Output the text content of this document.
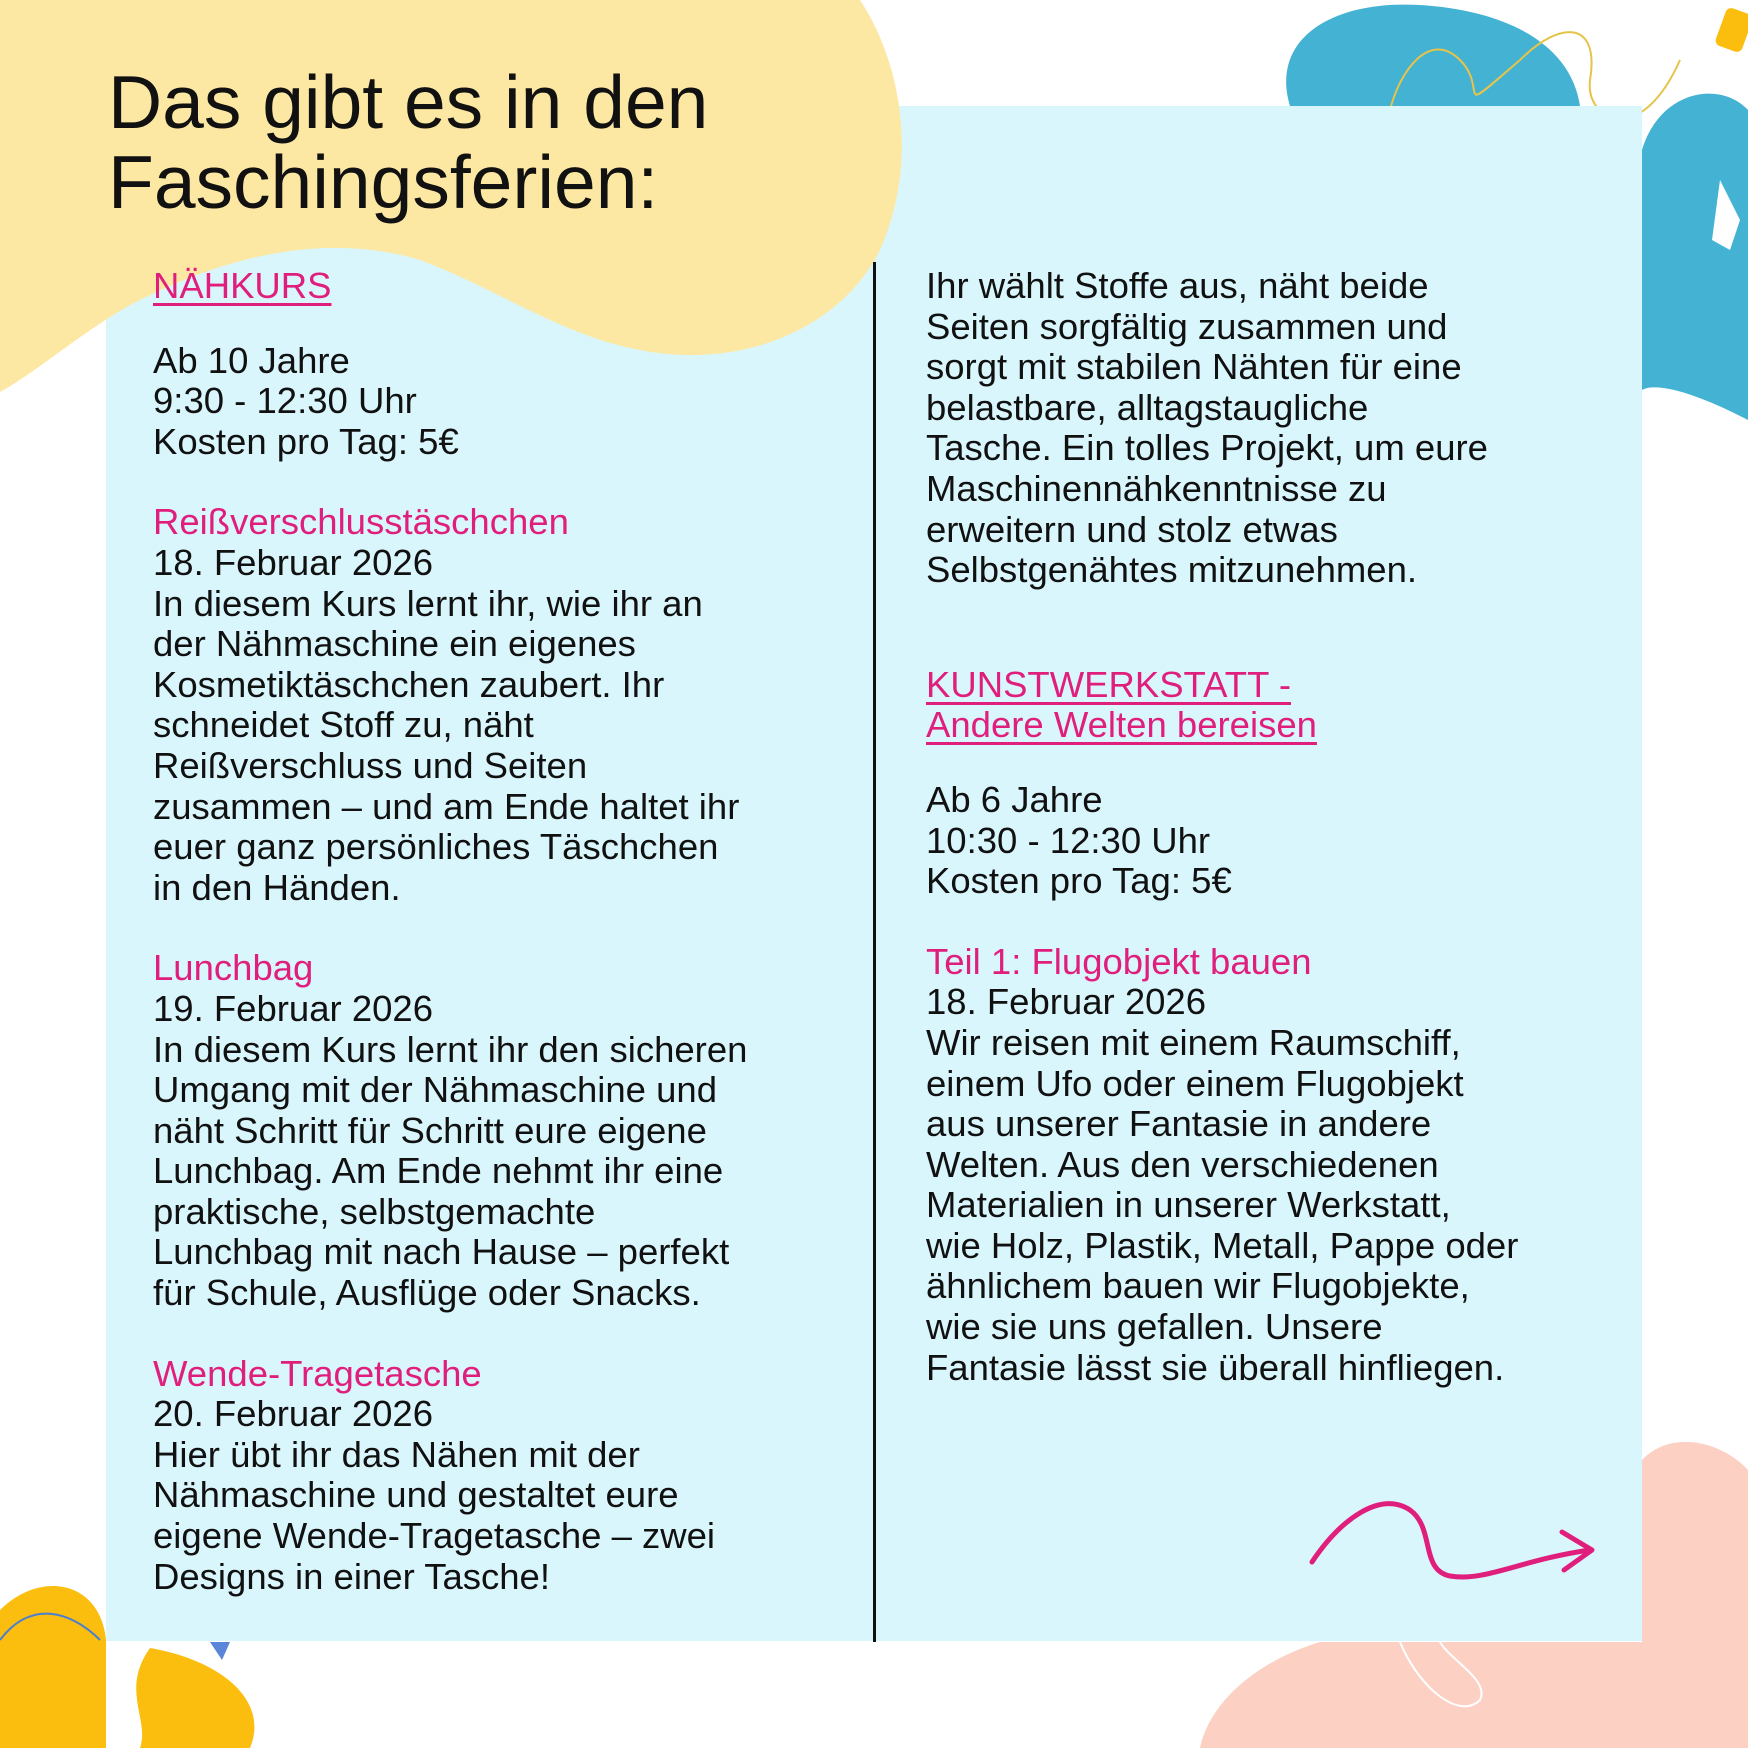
Das gibt es in den
Faschingsferien:

NÄHKURS

Ab 10 Jahre

9:30 - 12:30 Uhr

Kosten pro Tag: 5€

Reißverschlusstäschchen

18. Februar 2026

In diesem Kurs lernt ihr, wie ihr an

der Nähmaschine ein eigenes

Kosmetiktäschchen zaubert. Ihr

schneidet Stoff zu, näht

Reißverschluss und Seiten

zusammen – und am Ende haltet ihr

euer ganz persönliches Täschchen

in den Händen.

Lunchbag

19. Februar 2026

In diesem Kurs lernt ihr den sicheren

Umgang mit der Nähmaschine und

näht Schritt für Schritt eure eigene

Lunchbag. Am Ende nehmt ihr eine

praktische, selbstgemachte

Lunchbag mit nach Hause – perfekt

für Schule, Ausflüge oder Snacks.

Wende-Tragetasche

20. Februar 2026

Hier übt ihr das Nähen mit der

Nähmaschine und gestaltet eure

eigene Wende-Tragetasche – zwei

Designs in einer Tasche!

Ihr wählt Stoffe aus, näht beide

Seiten sorgfältig zusammen und

sorgt mit stabilen Nähten für eine

belastbare, alltagstaugliche

Tasche. Ein tolles Projekt, um eure

Maschinennähkenntnisse zu

erweitern und stolz etwas

Selbstgenähtes mitzunehmen.

KUNSTWERKSTATT -

Andere Welten bereisen

Ab 6 Jahre

10:30 - 12:30 Uhr

Kosten pro Tag: 5€

Teil 1: Flugobjekt bauen

18. Februar 2026

Wir reisen mit einem Raumschiff,

einem Ufo oder einem Flugobjekt

aus unserer Fantasie in andere

Welten. Aus den verschiedenen

Materialien in unserer Werkstatt,

wie Holz, Plastik, Metall, Pappe oder

ähnlichem bauen wir Flugobjekte,

wie sie uns gefallen. Unsere

Fantasie lässt sie überall hinfliegen.
